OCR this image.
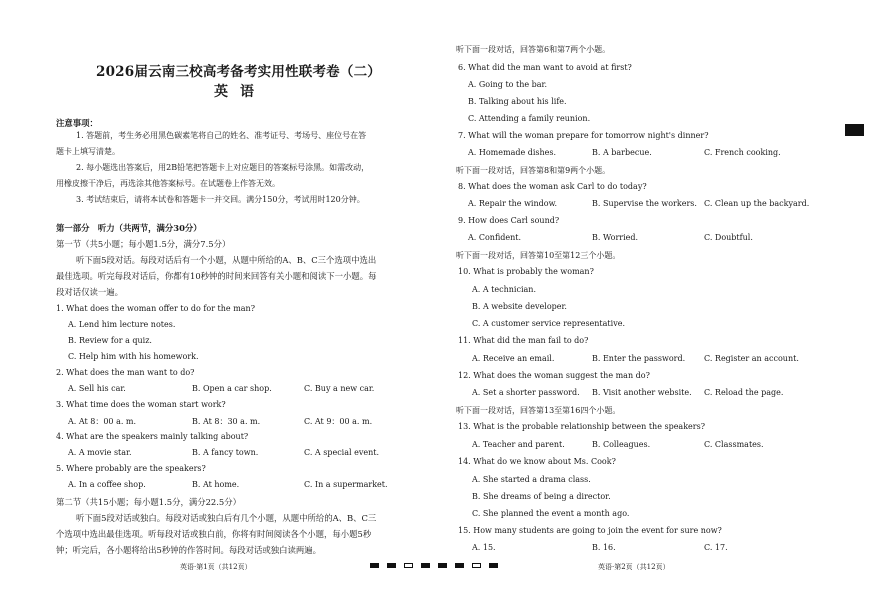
2026届云南三校高考备考实用性联考卷（二）
英语
注意事项：
1. 答题前，考生务必用黑色碳素笔将自己的姓名、准考证号、考场号、座位号在答
题卡上填写清楚。
2. 每小题选出答案后，用2B铅笔把答题卡上对应题目的答案标号涂黑。如需改动，
用橡皮擦干净后，再选涂其他答案标号。在试题卷上作答无效。
3. 考试结束后，请将本试卷和答题卡一并交回。满分150分，考试用时120分钟。
第一部分　听力（共两节，满分30分）
第一节（共5小题；每小题1.5分，满分7.5分）
听下面5段对话。每段对话后有一个小题，从题中所给的A、B、C三个选项中选出
最佳选项。听完每段对话后，你都有10秒钟的时间来回答有关小题和阅读下一小题。每
段对话仅读一遍。
1. What does the woman offer to do for the man?
A. Lend him lecture notes.
B. Review for a quiz.
C. Help him with his homework.
2. What does the man want to do?
A. Sell his car.	B. Open a car shop.	C. Buy a new car.
3. What time does the woman start work?
A. At 8：00 a. m.	B. At 8：30 a. m.	C. At 9：00 a. m.
4. What are the speakers mainly talking about?
A. A movie star.	B. A fancy town.	C. A special event.
5. Where probably are the speakers?
A. In a coffee shop.	B. At home.	C. In a supermarket.
第二节（共15小题；每小题1.5分，满分22.5分）
听下面5段对话或独白。每段对话或独白后有几个小题，从题中所给的A、B、C三
个选项中选出最佳选项。听每段对话或独白前，你将有时间阅读各个小题，每小题5秒
钟；听完后，各小题将给出5秒钟的作答时间。每段对话或独白读两遍。
英语·第1页（共12页）	英语·第2页（共12页）
听下面一段对话，回答第6和第7两个小题。
6. What did the man want to avoid at first?
A. Going to the bar.
B. Talking about his life.
C. Attending a family reunion.
7. What will the woman prepare for tomorrow night's dinner?
A. Homemade dishes.	B. A barbecue.	C. French cooking.
听下面一段对话，回答第8和第9两个小题。
8. What does the woman ask Carl to do today?
A. Repair the window.	B. Supervise the workers. C. Clean up the backyard.
9. How does Carl sound?
A. Confident.	B. Worried.	C. Doubtful.
听下面一段对话，回答第10至第12三个小题。
10. What is probably the woman?
A. A technician.
B. A website developer.
C. A customer service representative.
11. What did the man fail to do?
A. Receive an email.	B. Enter the password. C. Register an account.
12. What does the woman suggest the man do?
A. Set a shorter password. B. Visit another website. C. Reload the page.
听下面一段对话，回答第13至第16四个小题。
13. What is the probable relationship between the speakers?
A. Teacher and parent.	B. Colleagues.	C. Classmates.
14. What do we know about Ms. Cook?
A. She started a drama class.
B. She dreams of being a director.
C. She planned the event a month ago.
15. How many students are going to join the event for sure now?
A. 15.	B. 16.	C. 17.
